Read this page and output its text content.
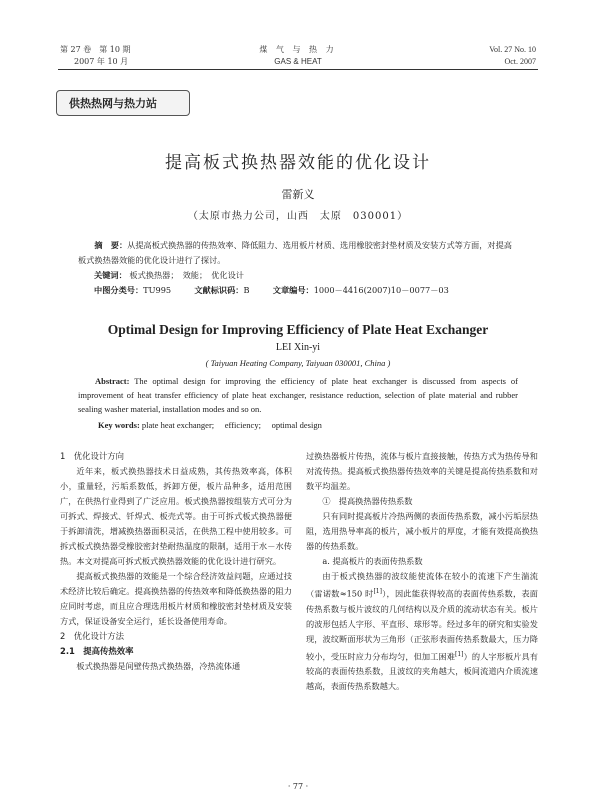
第 27 卷　第 10 期
2007 年 10 月
煤 气 与 热 力
GAS & HEAT
Vol. 27 No. 10
Oct. 2007
供热热网与热力站
提高板式换热器效能的优化设计
雷新义
（太原市热力公司，山西　太原　030001）
摘　要：从提高板式换热器的传热效率、降低阻力、选用板片材质、选用橡胶密封垫材质及安装方式等方面，对提高板式换热器效能的优化设计进行了探讨。
关键词： 板式换热器；　效能；　优化设计
中图分类号：TU995	文献标识码：B	文章编号：1000－4416(2007)10－0077－03
Optimal Design for Improving Efficiency of Plate Heat Exchanger
LEI Xin-yi
( Taiyuan Heating Company, Taiyuan 030001, China )
Abstract: The optimal design for improving the efficiency of plate heat exchanger is discussed from aspects of improvement of heat transfer efficiency of plate heat exchanger, resistance reduction, selection of plate material and rubber sealing washer material, installation modes and so on.
Key words: plate heat exchanger;　 efficiency;　 optimal design

1　优化设计方向

近年来，板式换热器技术日益成熟，其传热效率高，体积小，重量轻，污垢系数低，拆卸方便，板片品种多，适用范围广，在供热行业得到了广泛应用。板式换热器按组装方式可分为可拆式、焊接式、钎焊式、板壳式等。由于可拆式板式换热器便于拆卸清洗，增减换热器面积灵活，在供热工程中使用较多。可拆式板式换热器受橡胶密封垫耐热温度的限制，适用于水－水传热。本文对提高可拆式板式换热器效能的优化设计进行研究。

提高板式换热器的效能是一个综合经济效益问题，应通过技术经济比较后确定。提高换热器的传热效率和降低换热器的阻力应同时考虑，而且应合理选用板片材质和橡胶密封垫材质及安装方式，保证设备安全运行，延长设备使用寿命。

2　优化设计方法

2.1　提高传热效率

板式换热器是间壁传热式换热器，冷热流体通

过换热器板片传热，流体与板片直接接触，传热方式为热传导和对流传热。提高板式换热器传热效率的关键是提高传热系数和对数平均温差。

①　提高换热器传热系数

只有同时提高板片冷热两侧的表面传热系数，减小污垢层热阻，选用热导率高的板片，减小板片的厚度，才能有效提高换热器的传热系数。

a. 提高板片的表面传热系数

由于板式换热器的波纹能使流体在较小的流速下产生湍流（雷诺数≈150 时[1]），因此能获得较高的表面传热系数，表面传热系数与板片波纹的几何结构以及介质的流动状态有关。板片的波形包括人字形、平直形、球形等。经过多年的研究和实验发现，波纹断面形状为三角形（正弦形表面传热系数最大，压力降较小，受压时应力分布均匀，但加工困难[1]）的人字形板片具有较高的表面传热系数，且波纹的夹角越大，板间流道内介质流速越高，表面传热系数越大。

· 77 ·
